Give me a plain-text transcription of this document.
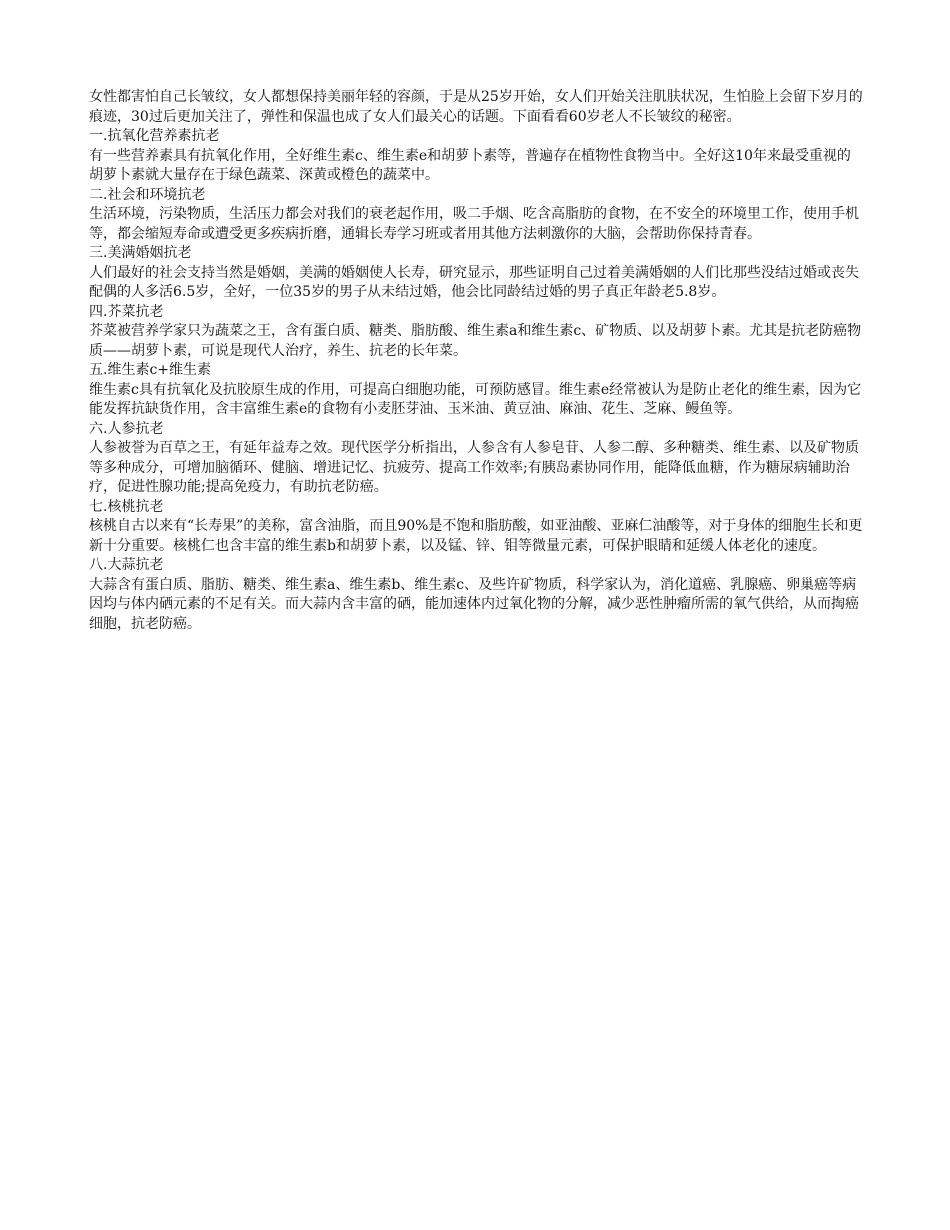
女性都害怕自己长皱纹，女人都想保持美丽年轻的容颜，于是从25岁开始，女人们开始关注肌肤状况，生怕脸上会留下岁月的痕迹，30过后更加关注了，弹性和保温也成了女人们最关心的话题。下面看看60岁老人不长皱纹的秘密。

一.抗氧化营养素抗老

有一些营养素具有抗氧化作用，全好维生素c、维生素e和胡萝卜素等，普遍存在植物性食物当中。全好这10年来最受重视的胡萝卜素就大量存在于绿色蔬菜、深黄或橙色的蔬菜中。

二.社会和环境抗老

生活环境，污染物质，生活压力都会对我们的衰老起作用，吸二手烟、吃含高脂肪的食物，在不安全的环境里工作，使用手机等，都会缩短寿命或遭受更多疾病折磨，通辑长寿学习班或者用其他方法刺激你的大脑，会帮助你保持青春。

三.美满婚姻抗老

人们最好的社会支持当然是婚姻，美满的婚姻使人长寿，研究显示，那些证明自己过着美满婚姻的人们比那些没结过婚或丧失配偶的人多活6.5岁，全好，一位35岁的男子从未结过婚，他会比同龄结过婚的男子真正年龄老5.8岁。

四.芥菜抗老

芥菜被营养学家只为蔬菜之王，含有蛋白质、糖类、脂肪酸、维生素a和维生素c、矿物质、以及胡萝卜素。尤其是抗老防癌物质——胡萝卜素，可说是现代人治疗，养生、抗老的长年菜。

五.维生素c+维生素

维生素c具有抗氧化及抗胶原生成的作用，可提高白细胞功能，可预防感冒。维生素e经常被认为是防止老化的维生素，因为它能发挥抗缺货作用，含丰富维生素e的食物有小麦胚芽油、玉米油、黄豆油、麻油、花生、芝麻、鳗鱼等。

六.人参抗老

人参被誉为百草之王，有延年益寿之效。现代医学分析指出，人参含有人参皂苷、人参二醇、多种糖类、维生素、以及矿物质等多种成分，可增加脑循环、健脑、增进记忆、抗疲劳、提高工作效率;有胰岛素协同作用，能降低血糖，作为糖尿病辅助治疗，促进性腺功能;提高免疫力，有助抗老防癌。

七.核桃抗老

核桃自古以来有“长寿果”的美称，富含油脂，而且90%是不饱和脂肪酸，如亚油酸、亚麻仁油酸等，对于身体的细胞生长和更新十分重要。核桃仁也含丰富的维生素b和胡萝卜素，以及锰、锌、钼等微量元素，可保护眼睛和延缓人体老化的速度。

八.大蒜抗老

大蒜含有蛋白质、脂肪、糖类、维生素a、维生素b、维生素c、及些许矿物质，科学家认为，消化道癌、乳腺癌、卵巢癌等病因均与体内硒元素的不足有关。而大蒜内含丰富的硒，能加速体内过氧化物的分解，减少恶性肿瘤所需的氧气供给，从而掏癌细胞，抗老防癌。
